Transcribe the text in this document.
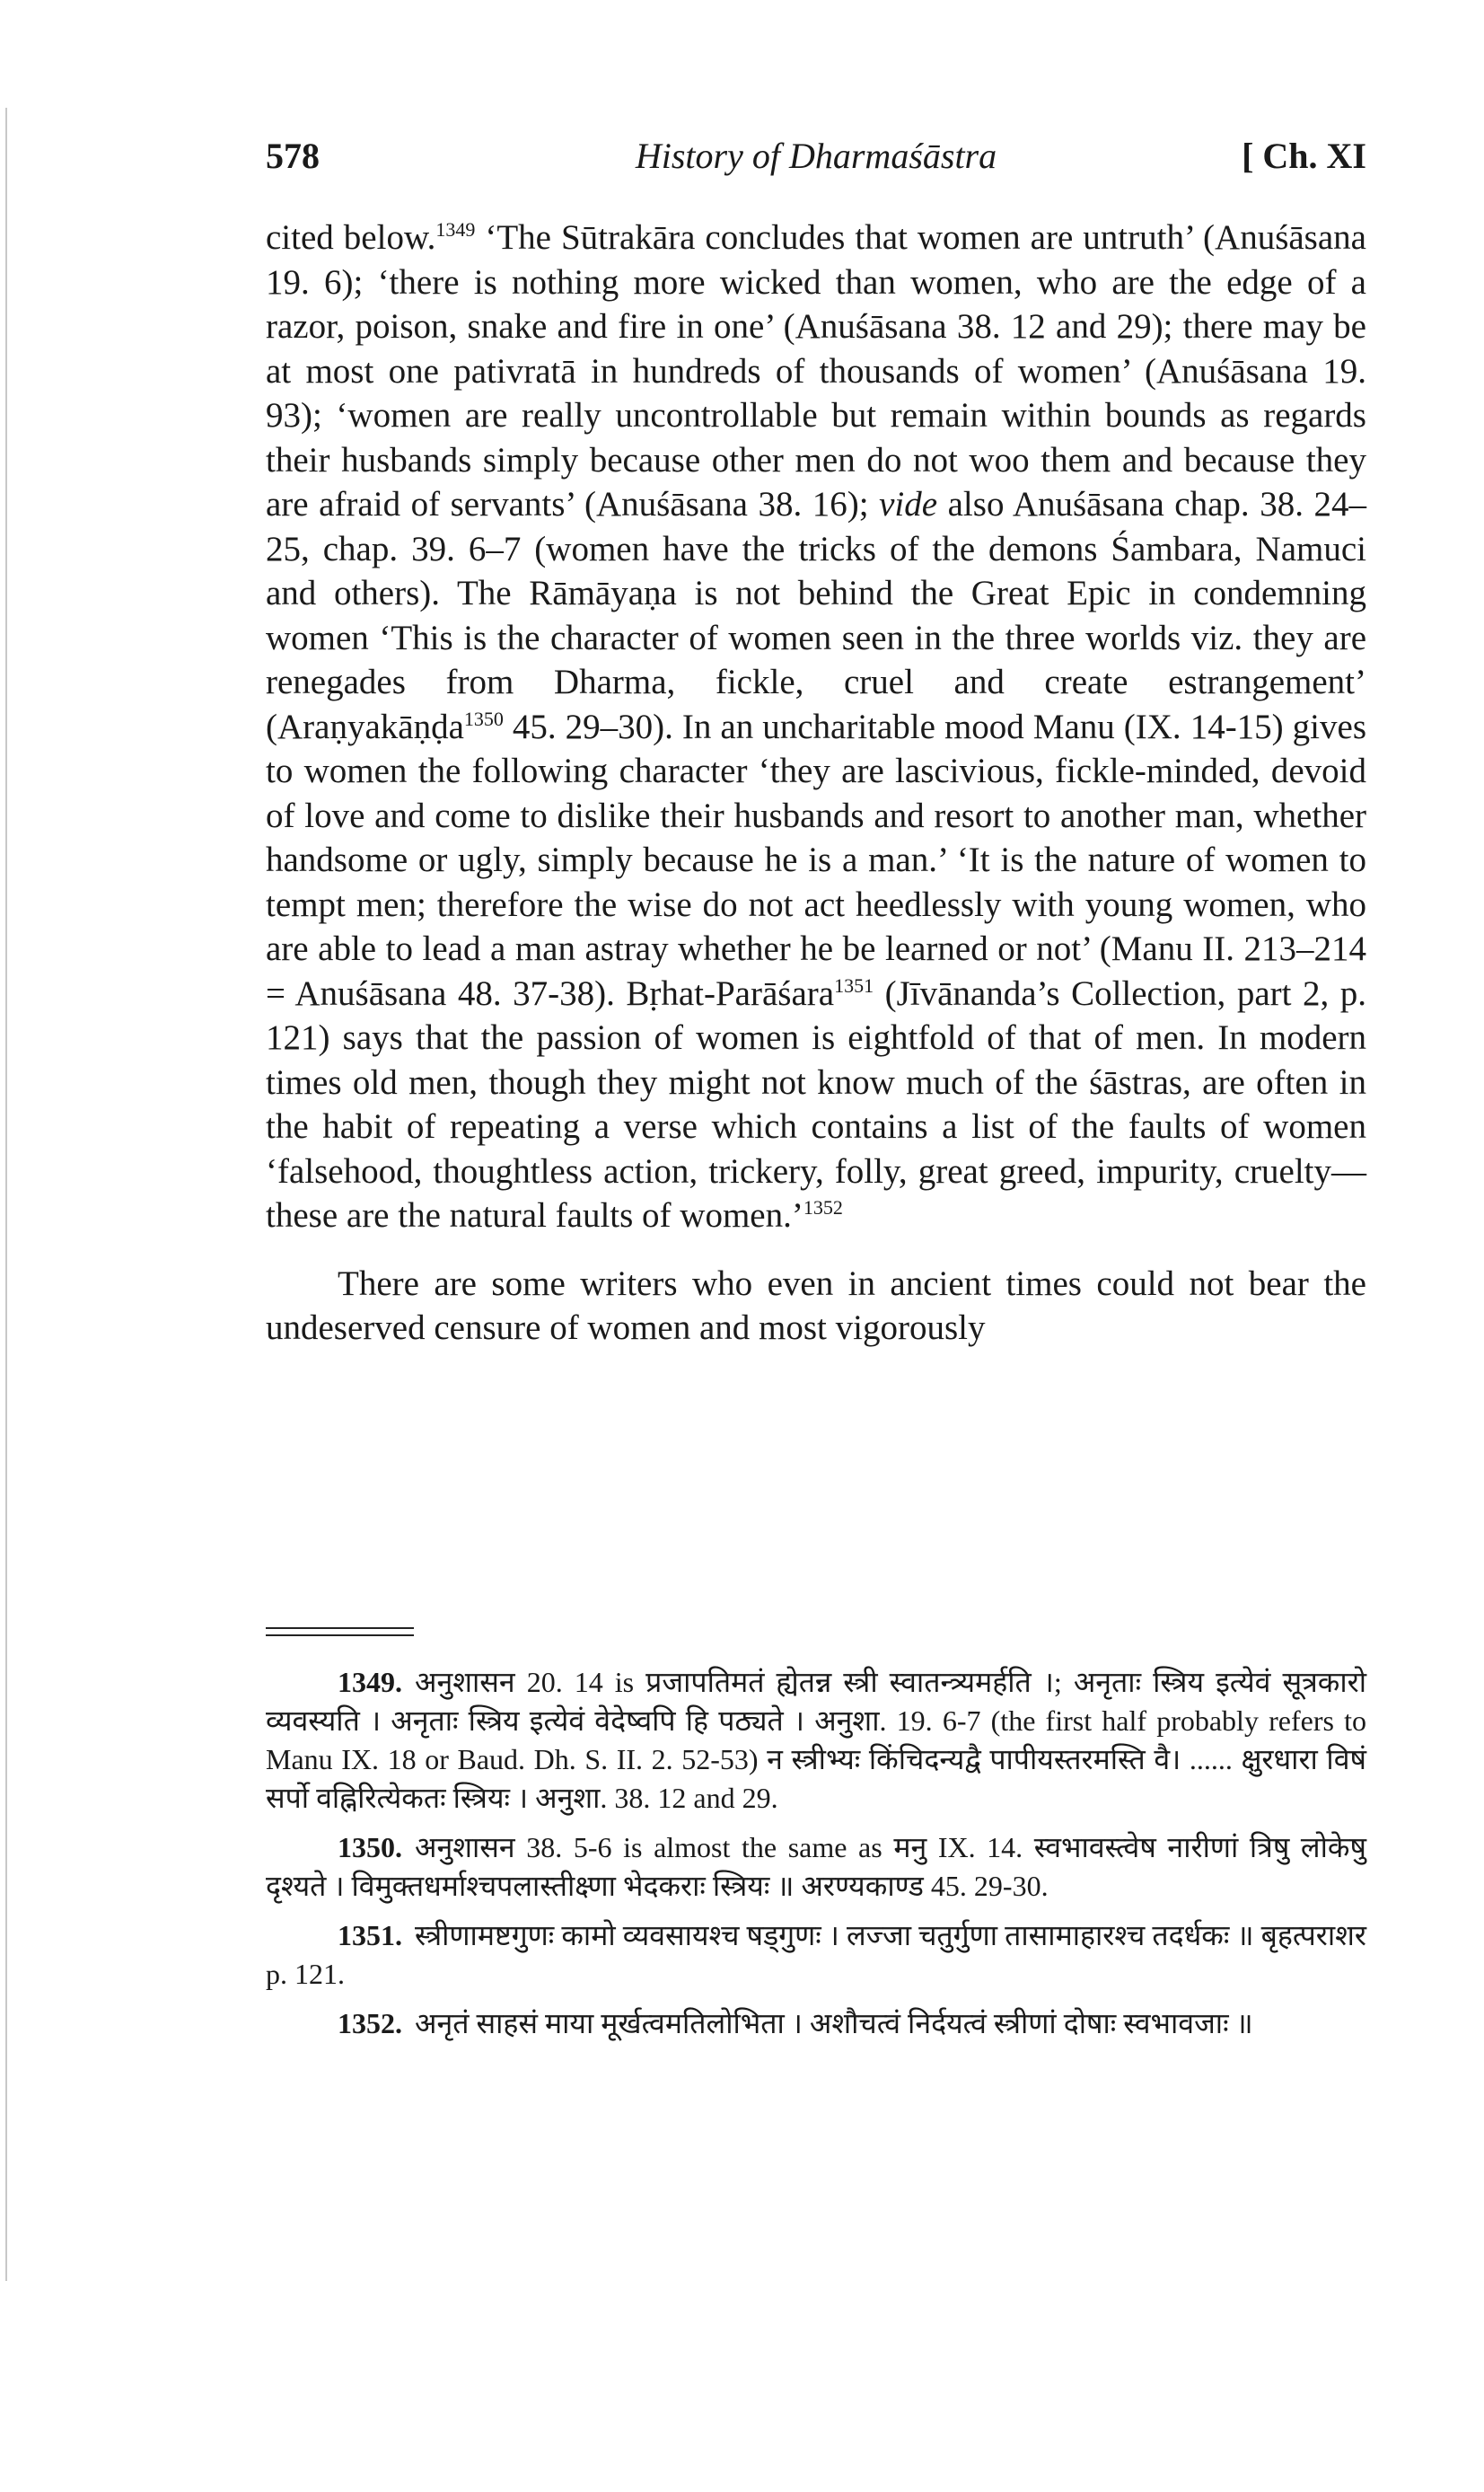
578	History of Dharmaśāstra	[ Ch. XI

cited below.$^{1349}$ ‘The Sūtrakāra concludes that women are untruth’ (Anuśāsana 19. 6); ‘there is nothing more wicked than women, who are the edge of a razor, poison, snake and fire in one’ (Anuśāsana 38. 12 and 29); there may be at most one pativratā in hundreds of thousands of women’ (Anuśāsana 19. 93); ‘women are really uncontrollable but remain within bounds as regards their husbands simply because other men do not woo them and because they are afraid of servants’ (Anuśāsana 38. 16); vide also Anuśāsana chap. 38. 24–25, chap. 39. 6–7 (women have the tricks of the demons Śambara, Namuci and others). The Rāmāyaṇa is not behind the Great Epic in condemning women ‘This is the character of women seen in the three worlds viz. they are renegades from Dharma, fickle, cruel and create estrangement’ (Araṇyakāṇḍa$^{1350}$ 45. 29–30). In an uncharitable mood Manu (IX. 14-15) gives to women the following character ‘they are lascivious, fickle-minded, devoid of love and come to dislike their husbands and resort to another man, whether handsome or ugly, simply because he is a man.’ ‘It is the nature of women to tempt men; therefore the wise do not act heedlessly with young women, who are able to lead a man astray whether he be learned or not’ (Manu II. 213–214 = Anuśāsana 48. 37-38). Bṛhat-Parāśara$^{1351}$ (Jīvānanda’s Collection, part 2, p. 121) says that the passion of women is eightfold of that of men. In modern times old men, though they might not know much of the śāstras, are often in the habit of repeating a verse which contains a list of the faults of women ‘falsehood, thoughtless action, trickery, folly, great greed, impurity, cruelty—these are the natural faults of women.’$^{1352}$

There are some writers who even in ancient times could not bear the undeserved censure of women and most vigorously

1349. अनुशासन 20. 14 is प्रजापतिमतं ह्येतन्न स्त्री स्वातन्त्र्यमर्हति ।; अनृताः स्त्रिय इत्येवं सूत्रकारो व्यवस्यति । अनृताः स्त्रिय इत्येवं वेदेष्वपि हि पठ्यते । अनुशा. 19. 6-7 (the first half probably refers to Manu IX. 18 or Baud. Dh. S. II. 2. 52-53) न स्त्रीभ्यः किंचिदन्यद्वै पापीयस्तरमस्ति वै। ...... क्षुरधारा विषं सर्पो वह्निरित्येकतः स्त्रियः । अनुशा. 38. 12 and 29.

1350. अनुशासन 38. 5-6 is almost the same as मनु IX. 14. स्वभावस्त्वेष नारीणां त्रिषु लोकेषु दृश्यते । विमुक्तधर्माश्चपलास्तीक्ष्णा भेदकराः स्त्रियः ॥ अरण्यकाण्ड 45. 29-30.

1351. स्त्रीणामष्टगुणः कामो व्यवसायश्च षड्गुणः । लज्जा चतुर्गुणा तासामाहारश्च तदर्धकः ॥ बृहत्पराशर p. 121.

1352. अनृतं साहसं माया मूर्खत्वमतिलोभिता । अशौचत्वं निर्दयत्वं स्त्रीणां दोषाः स्वभावजाः ॥
